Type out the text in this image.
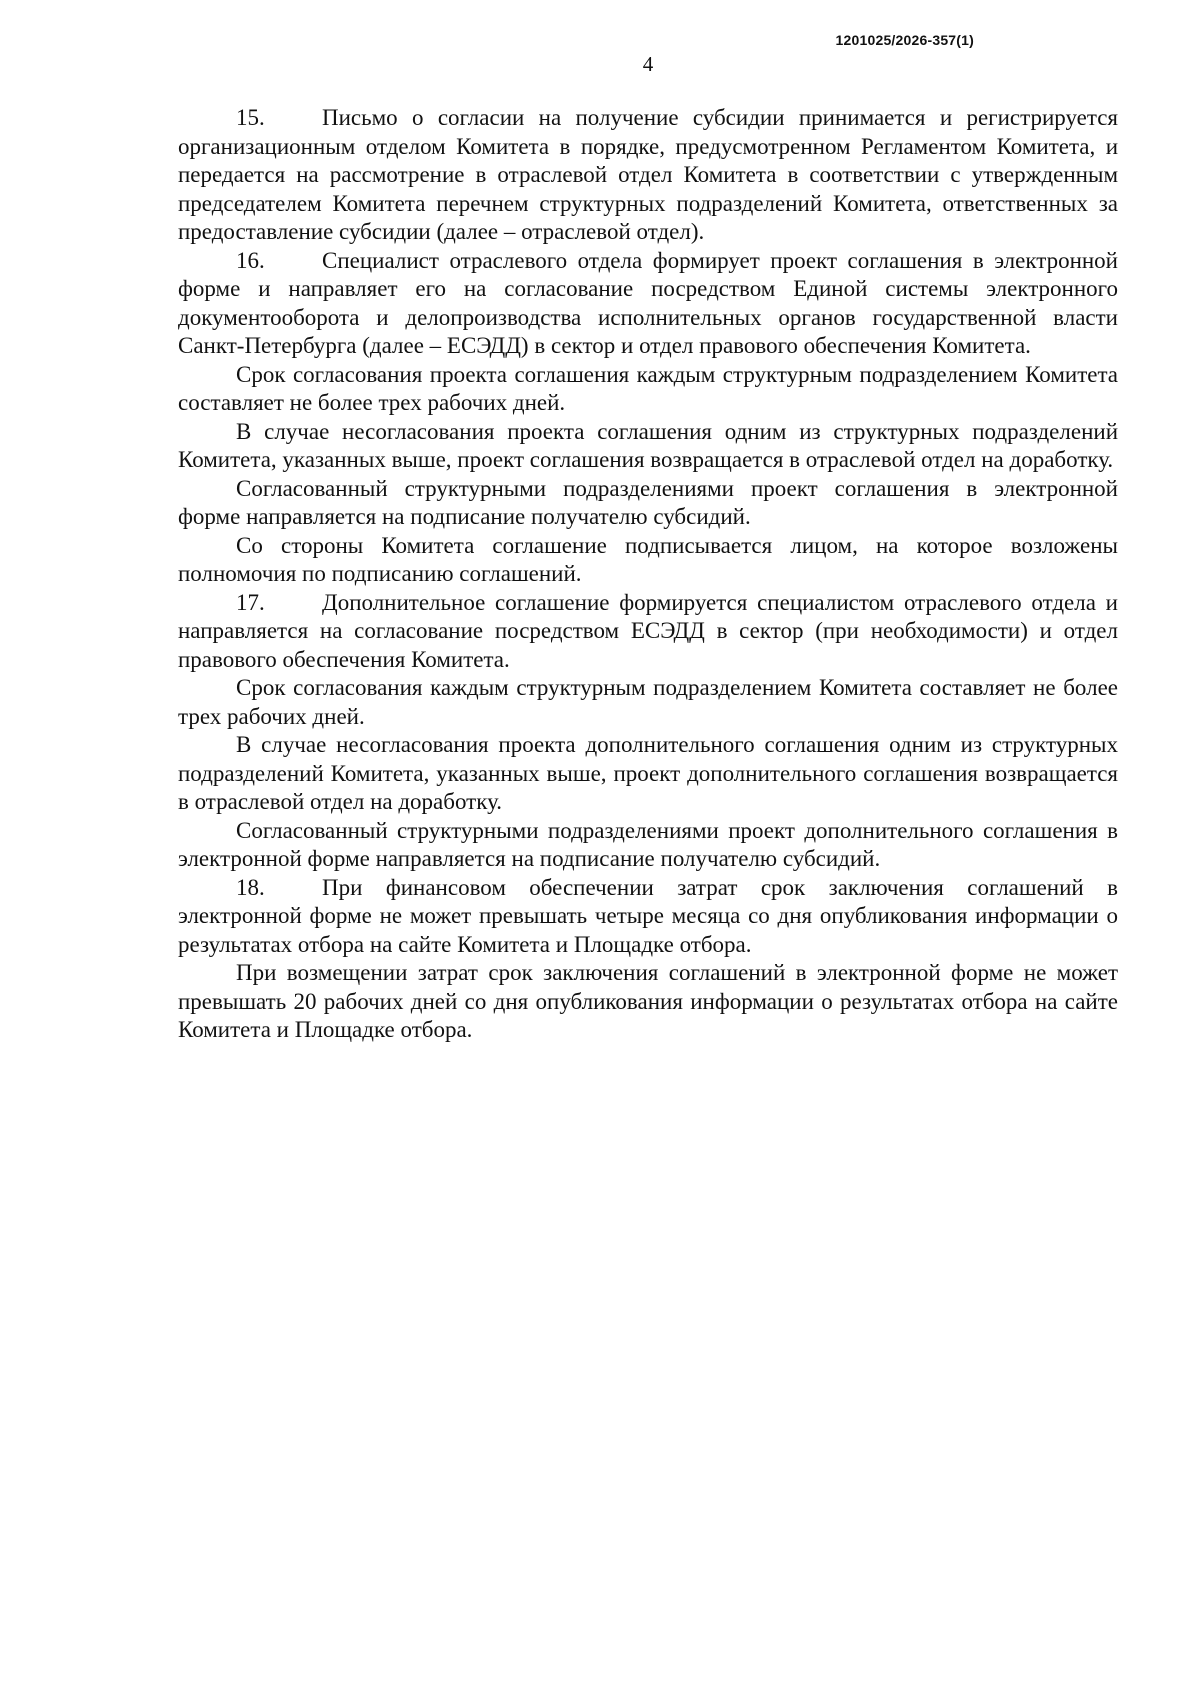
1201025/2026-357(1)
4

15. Письмо о согласии на получение субсидии принимается и регистрируется организационным отделом Комитета в порядке, предусмотренном Регламентом Комитета, и передается на рассмотрение в отраслевой отдел Комитета в соответствии с утвержденным председателем Комитета перечнем структурных подразделений Комитета, ответственных за предоставление субсидии (далее – отраслевой отдел).

16. Специалист отраслевого отдела формирует проект соглашения в электронной форме и направляет его на согласование посредством Единой системы электронного документооборота и делопроизводства исполнительных органов государственной власти Санкт-Петербурга (далее – ЕСЭДД) в сектор и отдел правового обеспечения Комитета.

Срок согласования проекта соглашения каждым структурным подразделением Комитета составляет не более трех рабочих дней.

В случае несогласования проекта соглашения одним из структурных подразделений Комитета, указанных выше, проект соглашения возвращается в отраслевой отдел на доработку.

Согласованный структурными подразделениями проект соглашения в электронной форме направляется на подписание получателю субсидий.

Со стороны Комитета соглашение подписывается лицом, на которое возложены полномочия по подписанию соглашений.

17. Дополнительное соглашение формируется специалистом отраслевого отдела и направляется на согласование посредством ЕСЭДД в сектор (при необходимости) и отдел правового обеспечения Комитета.

Срок согласования каждым структурным подразделением Комитета составляет не более трех рабочих дней.

В случае несогласования проекта дополнительного соглашения одним из структурных подразделений Комитета, указанных выше, проект дополнительного соглашения возвращается в отраслевой отдел на доработку.

Согласованный структурными подразделениями проект дополнительного соглашения в электронной форме направляется на подписание получателю субсидий.

18. При финансовом обеспечении затрат срок заключения соглашений в электронной форме не может превышать четыре месяца со дня опубликования информации о результатах отбора на сайте Комитета и Площадке отбора.

При возмещении затрат срок заключения соглашений в электронной форме не может превышать 20 рабочих дней со дня опубликования информации о результатах отбора на сайте Комитета и Площадке отбора.
